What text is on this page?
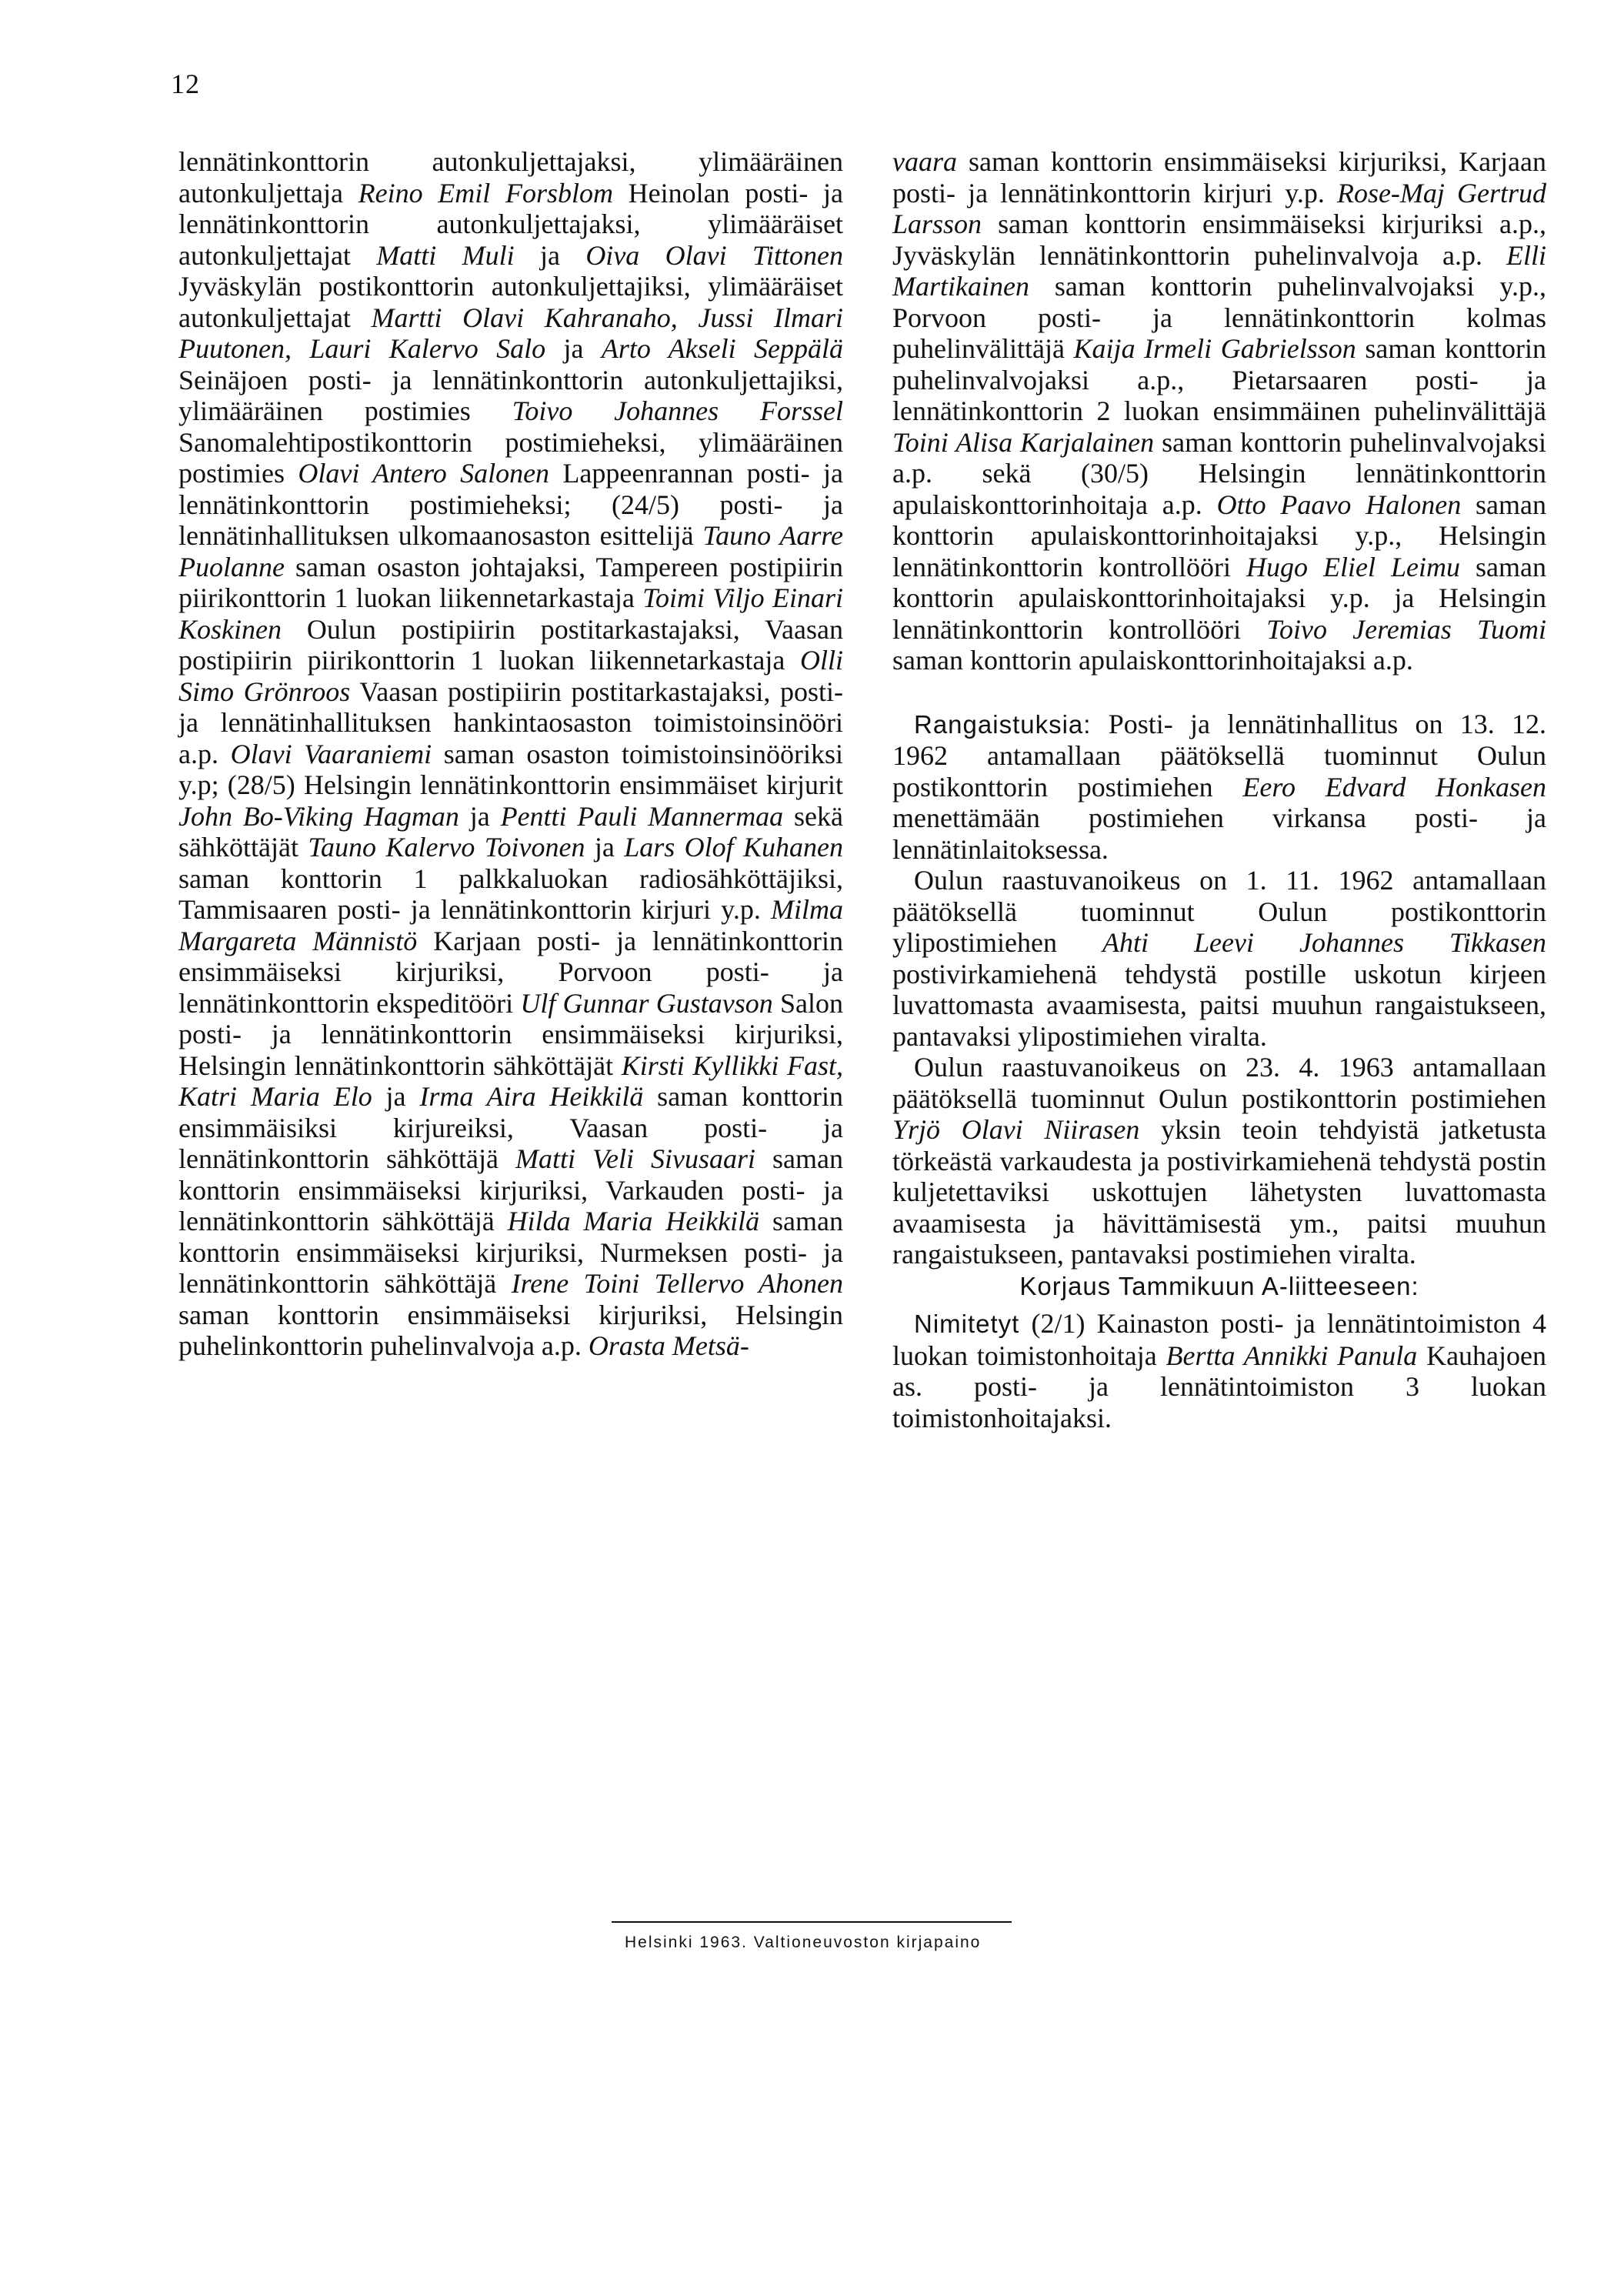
12

lennätinkonttorin autonkuljettajaksi, ylimääräinen autonkuljettaja Reino Emil Forsblom Heinolan posti- ja lennätinkonttorin autonkuljettajaksi, ylimääräiset autonkuljettajat Matti Muli ja Oiva Olavi Tittonen Jyväskylän postikonttorin autonkuljettajiksi, ylimääräiset autonkuljettajat Martti Olavi Kahranaho, Jussi Ilmari Puutonen, Lauri Kalervo Salo ja Arto Akseli Seppälä Seinäjoen posti- ja lennätinkonttorin autonkuljettajiksi, ylimääräinen postimies Toivo Johannes Forssel Sanomalehtipostikonttorin postimieheksi, ylimääräinen postimies Olavi Antero Salonen Lappeenrannan posti- ja lennätinkonttorin postimieheksi; (24/5) posti- ja lennätinhallituksen ulkomaanosaston esittelijä Tauno Aarre Puolanne saman osaston johtajaksi, Tampereen postipiirin piirikonttorin 1 luokan liikennetarkastaja Toimi Viljo Einari Koskinen Oulun postipiirin postitarkastajaksi, Vaasan postipiirin piirikonttorin 1 luokan liikennetarkastaja Olli Simo Grönroos Vaasan postipiirin postitarkastajaksi, posti- ja lennätinhallituksen hankintaosaston toimistoinsinööri a.p. Olavi Vaaraniemi saman osaston toimistoinsinööriksi y.p; (28/5) Helsingin lennätinkonttorin ensimmäiset kirjurit John Bo-Viking Hagman ja Pentti Pauli Mannermaa sekä sähköttäjät Tauno Kalervo Toivonen ja Lars Olof Kuhanen saman konttorin 1 palkkaluokan radiosähköttäjiksi, Tammisaaren posti- ja lennätinkonttorin kirjuri y.p. Milma Margareta Männistö Karjaan posti- ja lennätinkonttorin ensimmäiseksi kirjuriksi, Porvoon posti- ja lennätinkonttorin ekspeditööri Ulf Gunnar Gustavson Salon posti- ja lennätinkonttorin ensimmäiseksi kirjuriksi, Helsingin lennätinkonttorin sähköttäjät Kirsti Kyllikki Fast, Katri Maria Elo ja Irma Aira Heikkilä saman konttorin ensimmäisiksi kirjureiksi, Vaasan posti- ja lennätinkonttorin sähköttäjä Matti Veli Sivusaari saman konttorin ensimmäiseksi kirjuriksi, Varkauden posti- ja lennätinkonttorin sähköttäjä Hilda Maria Heikkilä saman konttorin ensimmäiseksi kirjuriksi, Nurmeksen posti- ja lennätinkonttorin sähköttäjä Irene Toini Tellervo Ahonen saman konttorin ensimmäiseksi kirjuriksi, Helsingin puhelinkonttorin puhelinvalvoja a.p. Orasta Metsä-

vaara saman konttorin ensimmäiseksi kirjuriksi, Karjaan posti- ja lennätinkonttorin kirjuri y.p. Rose-Maj Gertrud Larsson saman konttorin ensimmäiseksi kirjuriksi a.p., Jyväskylän lennätinkonttorin puhelinvalvoja a.p. Elli Martikainen saman konttorin puhelinvalvojaksi y.p., Porvoon posti- ja lennätinkonttorin kolmas puhelinvälittäjä Kaija Irmeli Gabrielsson saman konttorin puhelinvalvojaksi a.p., Pietarsaaren posti- ja lennätinkonttorin 2 luokan ensimmäinen puhelinvälittäjä Toini Alisa Karjalainen saman konttorin puhelinvalvojaksi a.p. sekä (30/5) Helsingin lennätinkonttorin apulaiskonttorinhoitaja a.p. Otto Paavo Halonen saman konttorin apulaiskonttorinhoitajaksi y.p., Helsingin lennätinkonttorin kontrollööri Hugo Eliel Leimu saman konttorin apulaiskonttorinhoitajaksi y.p. ja Helsingin lennätinkonttorin kontrollööri Toivo Jeremias Tuomi saman konttorin apulaiskonttorinhoitajaksi a.p.

Rangaistuksia: Posti- ja lennätinhallitus on 13. 12. 1962 antamallaan päätöksellä tuominnut Oulun postikonttorin postimiehen Eero Edvard Honkasen menettämään postimiehen virkansa posti- ja lennätinlaitoksessa.

Oulun raastuvanoikeus on 1. 11. 1962 antamallaan päätöksellä tuominnut Oulun postikonttorin ylipostimiehen Ahti Leevi Johannes Tikkasen postivirkamiehenä tehdystä postille uskotun kirjeen luvattomasta avaamisesta, paitsi muuhun rangaistukseen, pantavaksi ylipostimiehen viralta.

Oulun raastuvanoikeus on 23. 4. 1963 antamallaan päätöksellä tuominnut Oulun postikonttorin postimiehen Yrjö Olavi Niirasen yksin teoin tehdyistä jatketusta törkeästä varkaudesta ja postivirkamiehenä tehdystä postin kuljetettaviksi uskottujen lähetysten luvattomasta avaamisesta ja hävittämisestä ym., paitsi muuhun rangaistukseen, pantavaksi postimiehen viralta.

Korjaus Tammikuun A-liitteeseen:

Nimitetyt (2/1) Kainaston posti- ja lennätintoimiston 4 luokan toimistonhoitaja Bertta Annikki Panula Kauhajoen as. posti- ja lennätintoimiston 3 luokan toimistonhoitajaksi.

Helsinki 1963. Valtioneuvoston kirjapaino
